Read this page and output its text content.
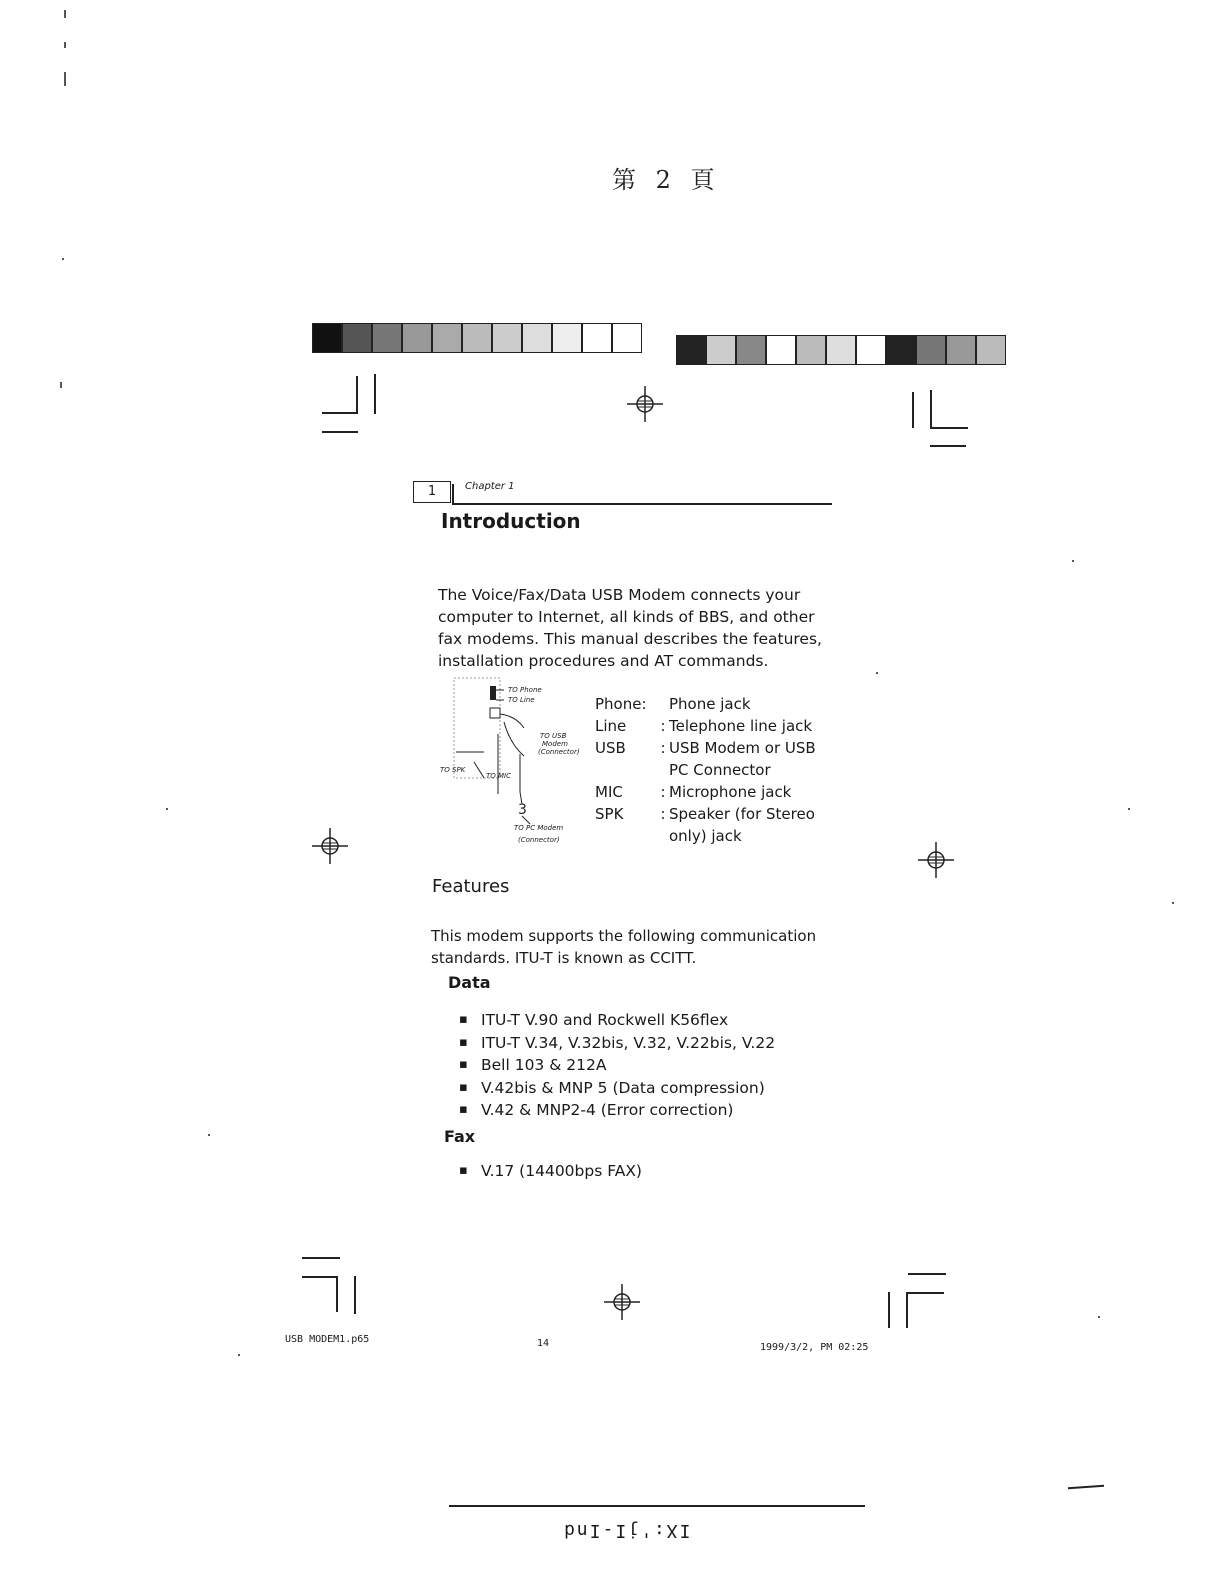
第 2 頁
1	Chapter 1
Introduction
The Voice/Fax/Data USB Modem connects your computer to Internet, all kinds of BBS, and other fax modems. This manual describes the features, installation procedures and AT commands.
3
TO Phone
TO Line
TO USB
Modem
(Connector)
TO SPK
TO MIC
TO PC Modem
(Connector)
Phone:	Phone jack
Line	: Telephone line jack
USB	: USB Modem or USB
PC Connector
MIC	: Microphone jack
SPK	: Speaker (for Stereo
only) jack
Features
This modem supports the following communication standards. ITU-T is known as CCITT.
Data
▪ ITU-T V.90 and Rockwell K56flex
▪ ITU-T V.34, V.32bis, V.32, V.22bis, V.22
▪ Bell 103 & 212A
▪ V.42bis & MNP 5 (Data compression)
▪ V.42 & MNP2-4 (Error correction)
Fax
▪ V.17 (14400bps FAX)
USB MODEM1.p65	14	1999/3/2, PM 02:25
IX:'jI-Ind
